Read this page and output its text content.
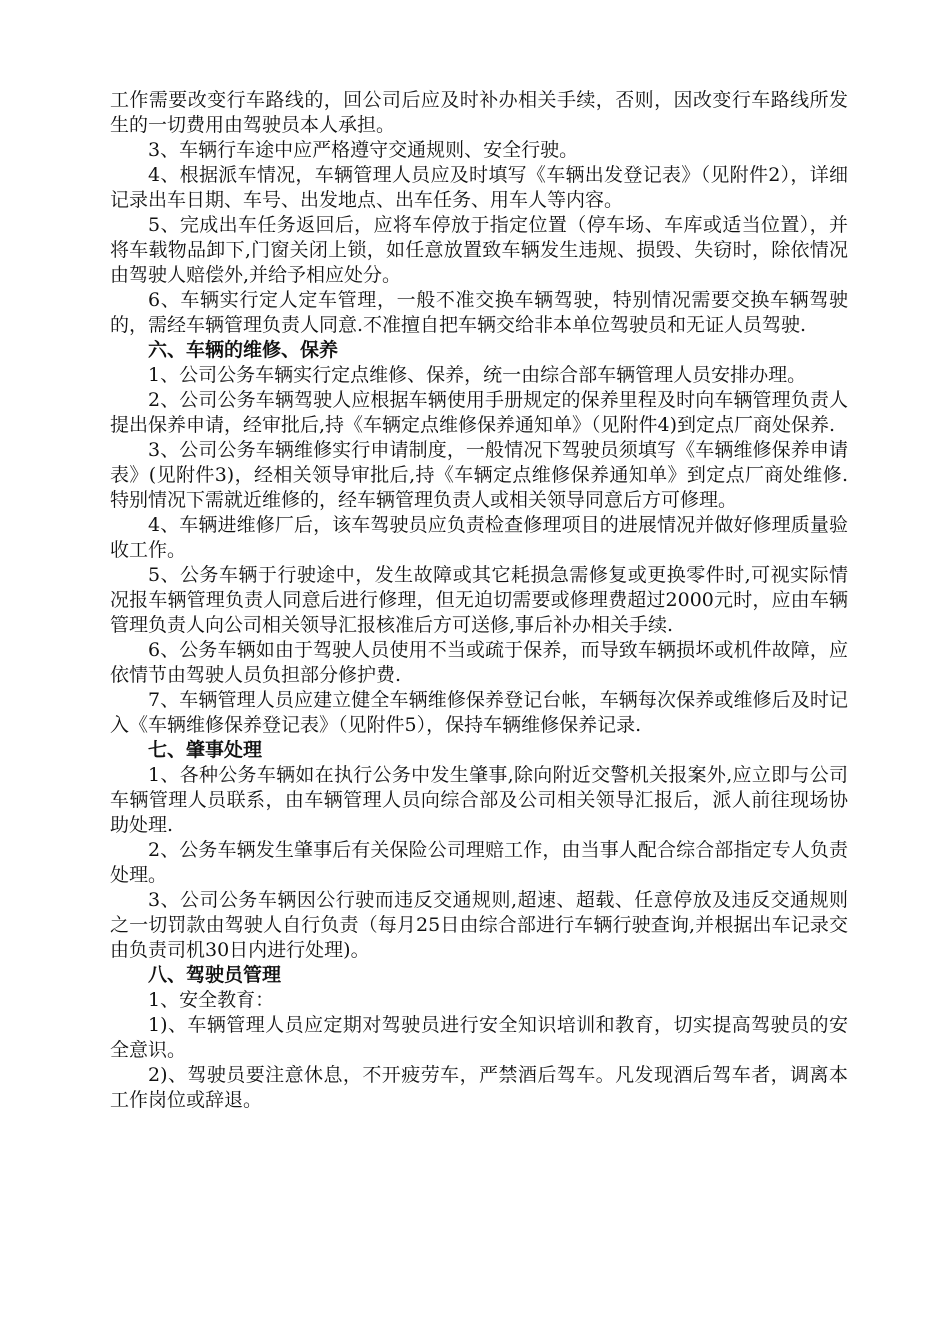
工作需要改变行车路线的，回公司后应及时补办相关手续，否则，因改变行车路线所发生的一切费用由驾驶员本人承担。

3、车辆行车途中应严格遵守交通规则、安全行驶。

4、根据派车情况，车辆管理人员应及时填写《车辆出发登记表》（见附件2），详细记录出车日期、车号、出发地点、出车任务、用车人等内容。

5、完成出车任务返回后，应将车停放于指定位置（停车场、车库或适当位置），并将车载物品卸下,门窗关闭上锁，如任意放置致车辆发生违规、损毁、失窃时，除依情况由驾驶人赔偿外,并给予相应处分。

6、车辆实行定人定车管理，一般不准交换车辆驾驶，特别情况需要交换车辆驾驶的，需经车辆管理负责人同意.不准擅自把车辆交给非本单位驾驶员和无证人员驾驶.

六、车辆的维修、保养

1、公司公务车辆实行定点维修、保养，统一由综合部车辆管理人员安排办理。

2、公司公务车辆驾驶人应根据车辆使用手册规定的保养里程及时向车辆管理负责人提出保养申请，经审批后,持《车辆定点维修保养通知单》（见附件4)到定点厂商处保养.

3、公司公务车辆维修实行申请制度，一般情况下驾驶员须填写《车辆维修保养申请表》(见附件3)，经相关领导审批后,持《车辆定点维修保养通知单》到定点厂商处维修.特别情况下需就近维修的，经车辆管理负责人或相关领导同意后方可修理。

4、车辆进维修厂后，该车驾驶员应负责检查修理项目的进展情况并做好修理质量验收工作。

5、公务车辆于行驶途中，发生故障或其它耗损急需修复或更换零件时,可视实际情况报车辆管理负责人同意后进行修理，但无迫切需要或修理费超过2000元时，应由车辆管理负责人向公司相关领导汇报核准后方可送修,事后补办相关手续.

6、公务车辆如由于驾驶人员使用不当或疏于保养，而导致车辆损坏或机件故障，应依情节由驾驶人员负担部分修护费.

7、车辆管理人员应建立健全车辆维修保养登记台帐，车辆每次保养或维修后及时记入《车辆维修保养登记表》（见附件5），保持车辆维修保养记录.

七、肇事处理

1、各种公务车辆如在执行公务中发生肇事,除向附近交警机关报案外,应立即与公司车辆管理人员联系，由车辆管理人员向综合部及公司相关领导汇报后，派人前往现场协助处理.

2、公务车辆发生肇事后有关保险公司理赔工作，由当事人配合综合部指定专人负责处理。

3、公司公务车辆因公行驶而违反交通规则,超速、超载、任意停放及违反交通规则之一切罚款由驾驶人自行负责（每月25日由综合部进行车辆行驶查询,并根据出车记录交由负责司机30日内进行处理)。

八、驾驶员管理

1、安全教育：

1)、车辆管理人员应定期对驾驶员进行安全知识培训和教育，切实提高驾驶员的安全意识。

2)、驾驶员要注意休息，不开疲劳车，严禁酒后驾车。凡发现酒后驾车者，调离本工作岗位或辞退。
